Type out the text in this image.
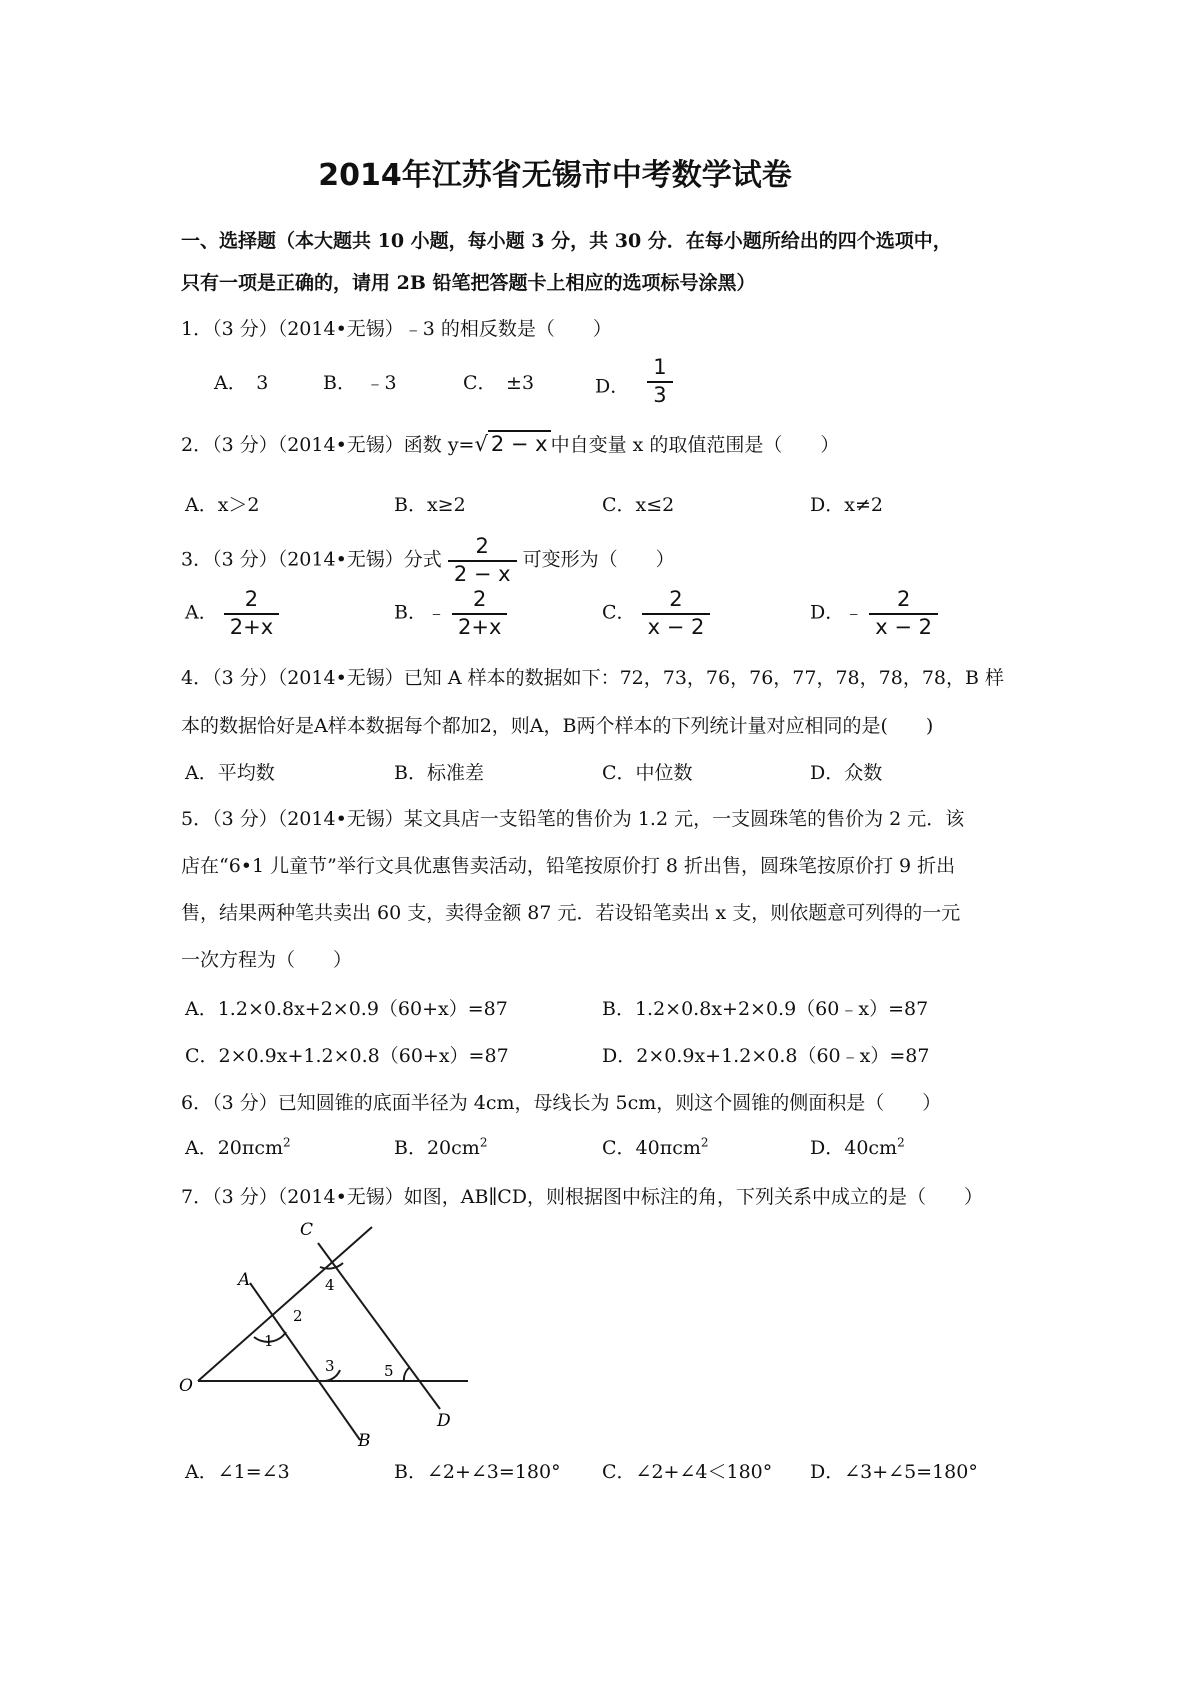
2014年江苏省无锡市中考数学试卷
一、选择题（本大题共 10 小题，每小题 3 分，共 30 分．在每小题所给出的四个选项中，
只有一项是正确的，请用 2B 铅笔把答题卡上相应的选项标号涂黑）
1．（3 分）（2014•无锡）﹣3 的相反数是（　　）
A．　3	B．　﹣3	C．　±3	D． $\frac{1}{3}$
2．（3 分）（2014•无锡）函数 y=√ 2 − x 中自变量 x 的取值范围是（　　）
A．x＞2	B．x≥2	C．x≤2	D．x≠2
3．（3 分）（2014•无锡）分式 $\frac{2}{2 - x}$ 可变形为（　　）
A． $\frac{2}{2+x}$	B．﹣ $\frac{2}{2+x}$	C． $\frac{2}{x - 2}$	D．﹣ $\frac{2}{x - 2}$
4．（3 分）（2014•无锡）已知 A 样本的数据如下：72，73，76，76，77，78，78，78，B 样
本的数据恰好是A样本数据每个都加2，则A，B两个样本的下列统计量对应相同的是(　　)
A．平均数	B．标准差	C．中位数	D．众数
5．（3 分）（2014•无锡）某文具店一支铅笔的售价为 1.2 元，一支圆珠笔的售价为 2 元．该
店在“6•1 儿童节”举行文具优惠售卖活动，铅笔按原价打 8 折出售，圆珠笔按原价打 9 折出
售，结果两种笔共卖出 60 支，卖得金额 87 元．若设铅笔卖出 x 支，则依题意可列得的一元
一次方程为（　　）
A．1.2×0.8x+2×0.9（60+x）=87	B．1.2×0.8x+2×0.9（60﹣x）=87
C．2×0.9x+1.2×0.8（60+x）=87	D．2×0.9x+1.2×0.8（60﹣x）=87
6．（3 分）已知圆锥的底面半径为 4cm，母线长为 5cm，则这个圆锥的侧面积是（　　）
A．20πcm$^2$	B．$20cm^2$	C．40πcm$^2$	D．$40cm^2$
7．（3 分）（2014•无锡）如图，AB∥CD，则根据图中标注的角，下列关系中成立的是（　　）
C
A
O
B
D
1
2
3
4
5
A．∠1=∠3	B．∠2+∠3=180° C．∠2+∠4＜180° D．∠3+∠5=180°
